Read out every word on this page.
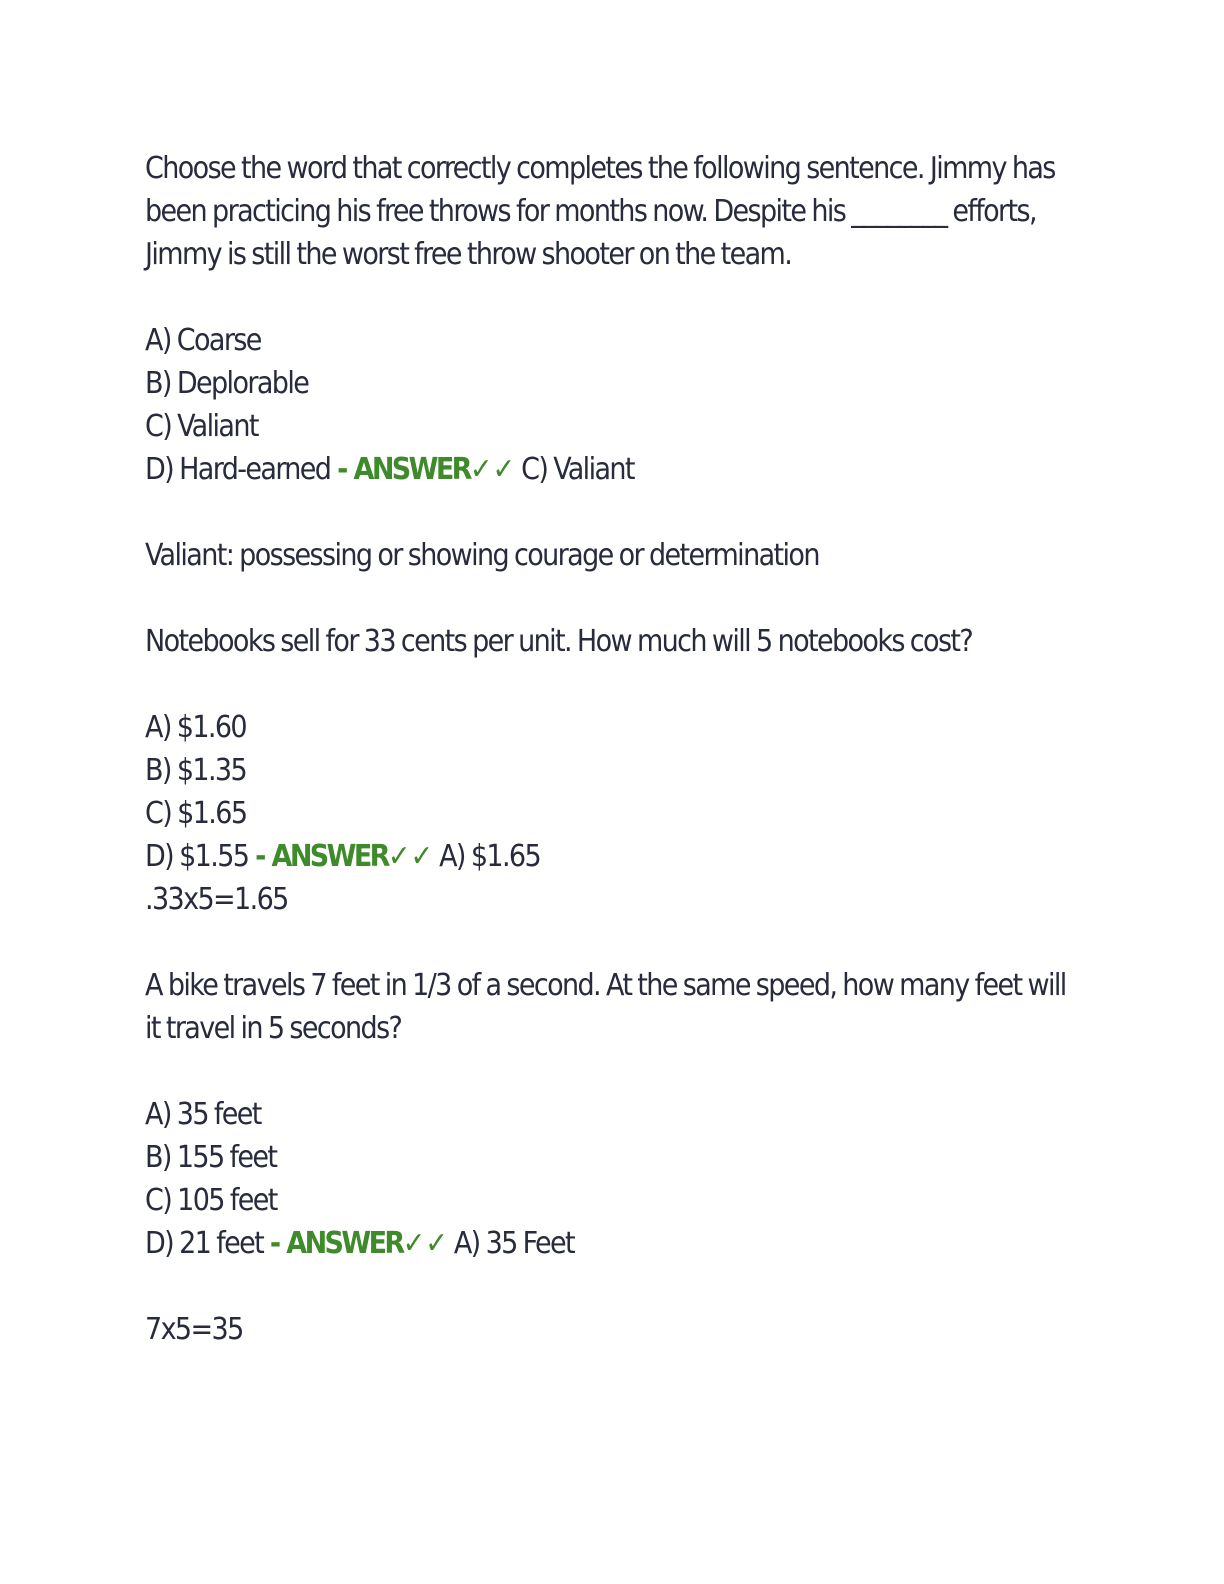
Choose the word that correctly completes the following sentence. Jimmy has been practicing his free throws for months now. Despite his ________ efforts, Jimmy is still the worst free throw shooter on the team.
A) Coarse
B) Deplorable
C) Valiant
D) Hard-earned - ANSWER✓✓ C) Valiant
Valiant: possessing or showing courage or determination
Notebooks sell for 33 cents per unit. How much will 5 notebooks cost?
A) $1.60
B) $1.35
C) $1.65
D) $1.55 - ANSWER✓✓ A) $1.65
.33x5=1.65
A bike travels 7 feet in 1/3 of a second. At the same speed, how many feet will it travel in 5 seconds?
A) 35 feet
B) 155 feet
C) 105 feet
D) 21 feet - ANSWER✓✓ A) 35 Feet
7x5=35
